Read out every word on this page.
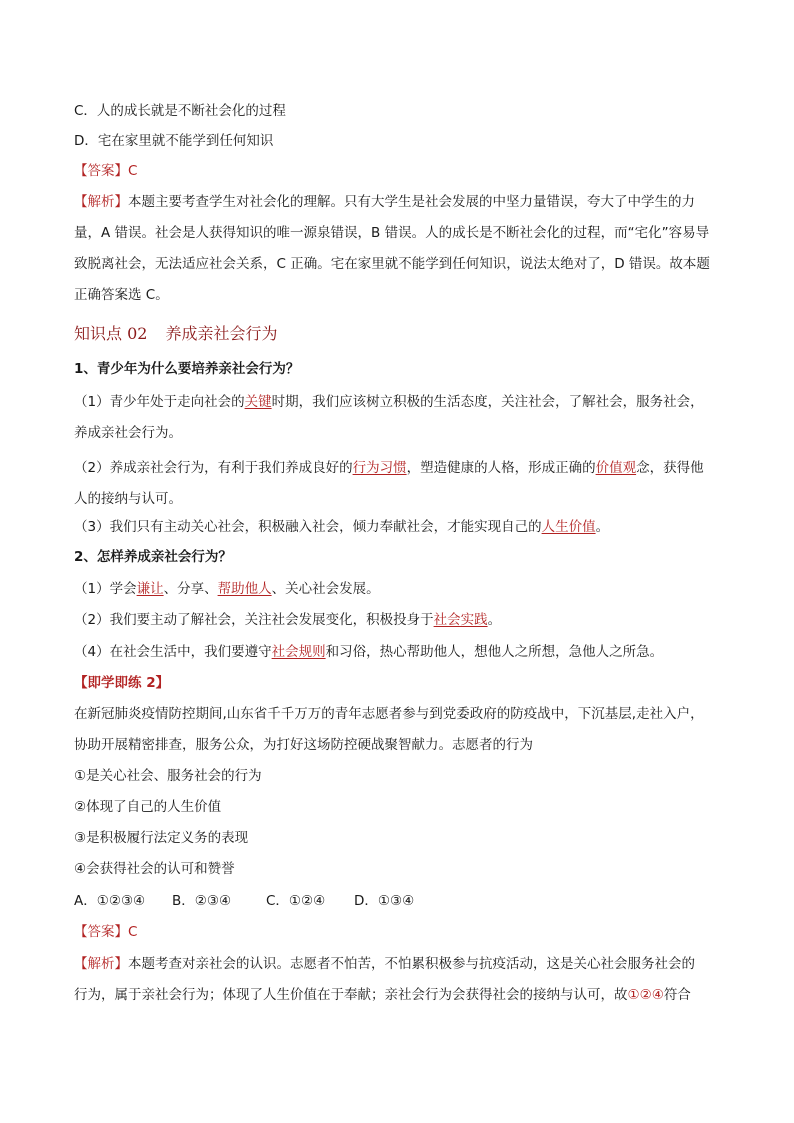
C．人的成长就是不断社会化的过程
D．宅在家里就不能学到任何知识
【答案】C
【解析】本题主要考查学生对社会化的理解。只有大学生是社会发展的中坚力量错误，夸大了中学生的力
量，A 错误。社会是人获得知识的唯一源泉错误，B 错误。人的成长是不断社会化的过程，而“宅化”容易导
致脱离社会，无法适应社会关系，C 正确。宅在家里就不能学到任何知识，说法太绝对了，D 错误。故本题
正确答案选 C。
知识点 02 养成亲社会行为
1、青少年为什么要培养亲社会行为？
（1）青少年处于走向社会的关键时期，我们应该树立积极的生活态度，关注社会，了解社会，服务社会，
养成亲社会行为。
（2）养成亲社会行为，有利于我们养成良好的行为习惯，塑造健康的人格，形成正确的价值观念，获得他
人的接纳与认可。
（3）我们只有主动关心社会，积极融入社会，倾力奉献社会，才能实现自己的人生价值。
2、怎样养成亲社会行为？
（1）学会谦让、分享、帮助他人、关心社会发展。
（2）我们要主动了解社会，关注社会发展变化，积极投身于社会实践。
（4）在社会生活中，我们要遵守社会规则和习俗，热心帮助他人，想他人之所想，急他人之所急。
【即学即练 2】
在新冠肺炎疫情防控期间,山东省千千万万的青年志愿者参与到党委政府的防疫战中，下沉基层,走社入户，
协助开展精密排查，服务公众，为打好这场防控硬战聚智献力。志愿者的行为
①是关心社会、服务社会的行为
②体现了自己的人生价值
③是积极履行法定义务的表现
④会获得社会的认可和赞誉
A．①②③④ B．②③④	C．①②④ D．①③④
【答案】C
【解析】本题考查对亲社会的认识。志愿者不怕苦，不怕累积极参与抗疫活动，这是关心社会服务社会的
行为，属于亲社会行为；体现了人生价值在于奉献；亲社会行为会获得社会的接纳与认可，故①②④符合
